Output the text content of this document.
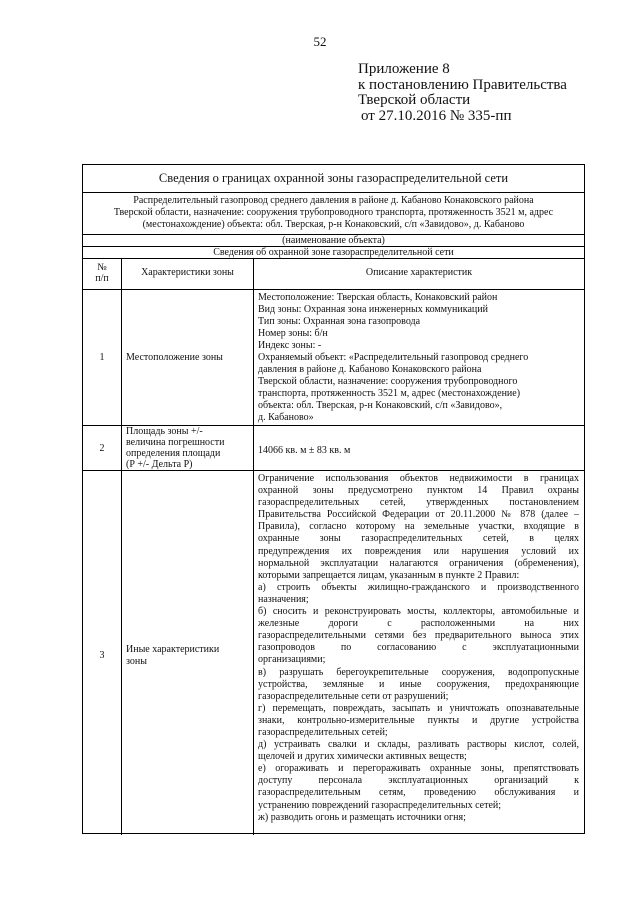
52
Приложение 8
к постановлению Правительства
Тверской области
от 27.10.2016 № 335-пп
Сведения о границах охранной зоны газораспределительной сети
Распределительный газопровод среднего давления в районе д. Кабаново Конаковского района
Тверской области, назначение: сооружения трубопроводного транспорта, протяженность 3521 м, адрес
(местонахождение) объекта: обл. Тверская, р-н Конаковский, с/п «Завидово», д. Кабаново
(наименование объекта)
Сведения об охранной зоне газораспределительной сети
№
п/п
Характеристики зоны	Описание характеристик
1	Местоположение зоны
Местоположение: Тверская область, Конаковский район
Вид зоны: Охранная зона инженерных коммуникаций
Тип зоны: Охранная зона газопровода
Номер зоны: б/н
Индекс зоны: -
Охраняемый объект: «Распределительный газопровод среднего
давления в районе д. Кабаново Конаковского района
Тверской области, назначение: сооружения трубопроводного
транспорта, протяженность 3521 м, адрес (местонахождение)
объекта: обл. Тверская, р-н Конаковский, с/п «Завидово»,
д. Кабаново»
2
Площадь зоны +/-
величина погрешности
определения площади
(Р +/- Дельта Р)
14066 кв. м ± 83 кв. м
3
Иные характеристики
зоны
Ограничение использования объектов недвижимости в границах
охранной зоны предусмотрено пунктом 14 Правил охраны
газораспределительных сетей, утвержденных постановлением
Правительства Российской Федерации от 20.11.2000 № 878 (далее –
Правила), согласно которому на земельные участки, входящие в
охранные зоны газораспределительных сетей, в целях
предупреждения их повреждения или нарушения условий их
нормальной эксплуатации налагаются ограничения (обременения),
которыми запрещается лицам, указанным в пункте 2 Правил:
а) строить объекты жилищно-гражданского и производственного
назначения;
б) сносить и реконструировать мосты, коллекторы, автомобильные и
железные дороги с расположенными на них
газораспределительными сетями без предварительного выноса этих
газопроводов по согласованию с эксплуатационными
организациями;
в) разрушать берегоукрепительные сооружения, водопропускные
устройства, земляные и иные сооружения, предохраняющие
газораспределительные сети от разрушений;
г) перемещать, повреждать, засыпать и уничтожать опознавательные
знаки, контрольно-измерительные пункты и другие устройства
газораспределительных сетей;
д) устраивать свалки и склады, разливать растворы кислот, солей,
щелочей и других химически активных веществ;
е) огораживать и перегораживать охранные зоны, препятствовать
доступу персонала эксплуатационных организаций к
газораспределительным сетям, проведению обслуживания и
устранению повреждений газораспределительных сетей;
ж) разводить огонь и размещать источники огня;
